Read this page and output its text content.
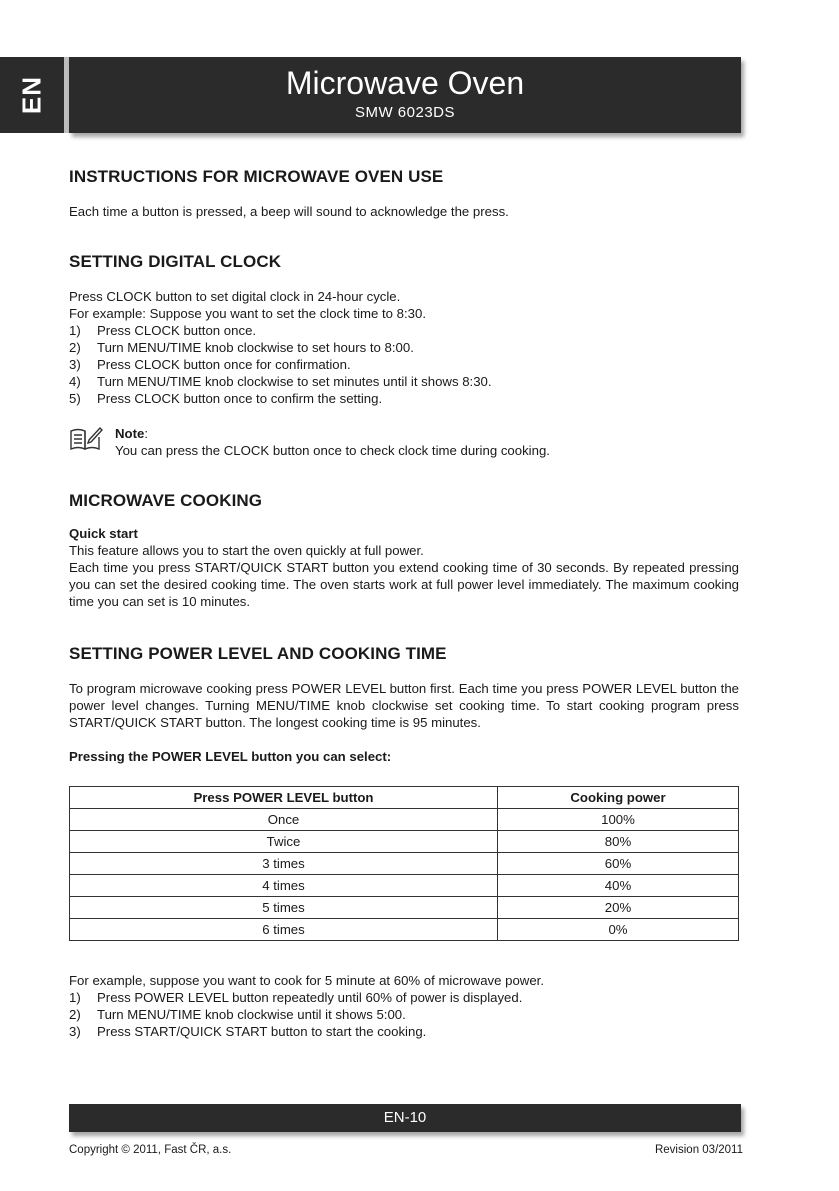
EN	Microwave Oven
SMW 6023DS
INSTRUCTIONS FOR MICROWAVE OVEN USE

Each time a button is pressed, a beep will sound to acknowledge the press.

SETTING DIGITAL CLOCK

Press CLOCK button to set digital clock in 24-hour cycle.

For example: Suppose you want to set the clock time to 8:30.

1) Press CLOCK button once.
2) Turn MENU/TIME knob clockwise to set hours to 8:00.
3) Press CLOCK button once for confirmation.
4) Turn MENU/TIME knob clockwise to set minutes until it shows 8:30.
5) Press CLOCK button once to confirm the setting.

Note:

You can press the CLOCK button once to check clock time during cooking.

MICROWAVE COOKING

Quick start

This feature allows you to start the oven quickly at full power.

Each time you press START/QUICK START button you extend cooking time of 30 seconds. By repeated pressing you can set the desired cooking time. The oven starts work at full power level immediately. The maximum cooking time you can set is 10 minutes.

SETTING POWER LEVEL AND COOKING TIME

To program microwave cooking press POWER LEVEL button first. Each time you press POWER LEVEL button the power level changes. Turning MENU/TIME knob clockwise set cooking time. To start cooking program press START/QUICK START button. The longest cooking time is 95 minutes.

Pressing the POWER LEVEL button you can select:

Press POWER LEVEL button	Cooking power
Once	100%
Twice	80%
3 times	60%
4 times	40%
5 times	20%
6 times	0%

For example, suppose you want to cook for 5 minute at 60% of microwave power.

1) Press POWER LEVEL button repeatedly until 60% of power is displayed.
2) Turn MENU/TIME knob clockwise until it shows 5:00.
3) Press START/QUICK START button to start the cooking.
EN-10
Copyright © 2011, Fast ČR, a.s.	Revision 03/2011
